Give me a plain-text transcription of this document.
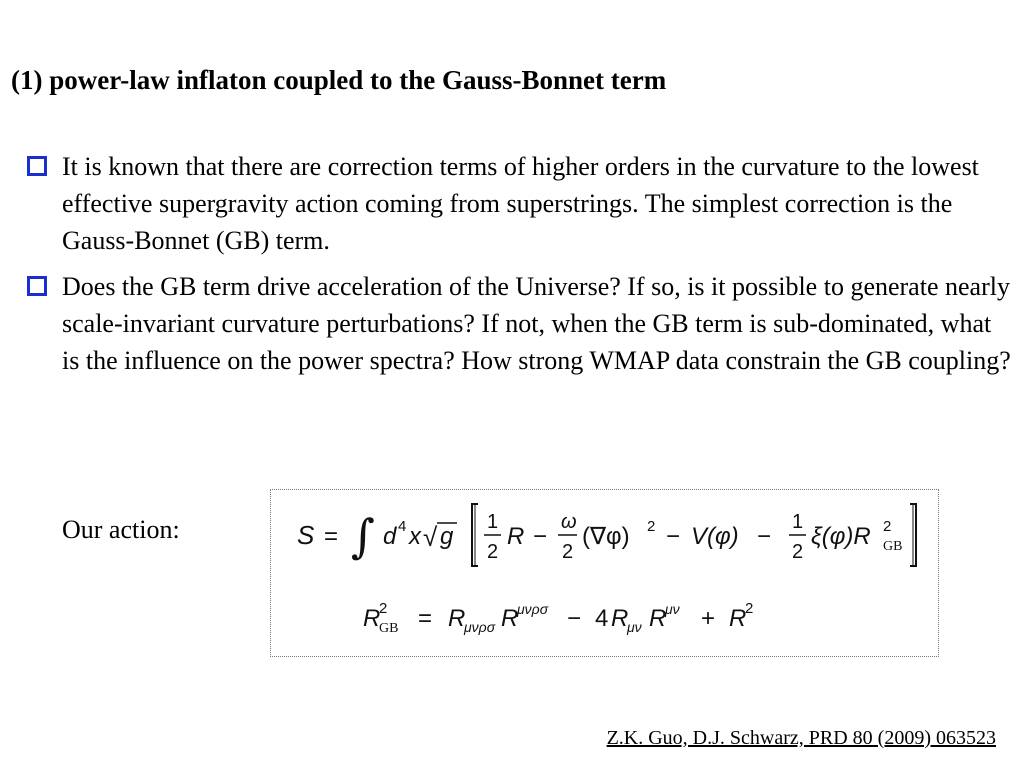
(1) power-law inflaton coupled to the Gauss-Bonnet term
It is known that there are correction terms of higher orders in the curvature to the lowest effective supergravity action coming from superstrings. The simplest correction is the Gauss-Bonnet (GB) term.
Does the GB term drive acceleration of the Universe? If so, is it possible to generate nearly scale-invariant curvature perturbations? If not, when the GB term is sub-dominated, what is the influence on the power spectra? How strong WMAP data constrain the GB coupling?
Our action:	S = ∫ d 4 x √ g
1
2
R −
ω
2
(∇φ) 2 − V(φ) −
1
2
ξ(φ)R 2
GB
R
2
GB = R
μνρσ R
μνρσ − 4 R
μν R
μν + R
2
Z.K. Guo, D.J. Schwarz, PRD 80 (2009) 063523
